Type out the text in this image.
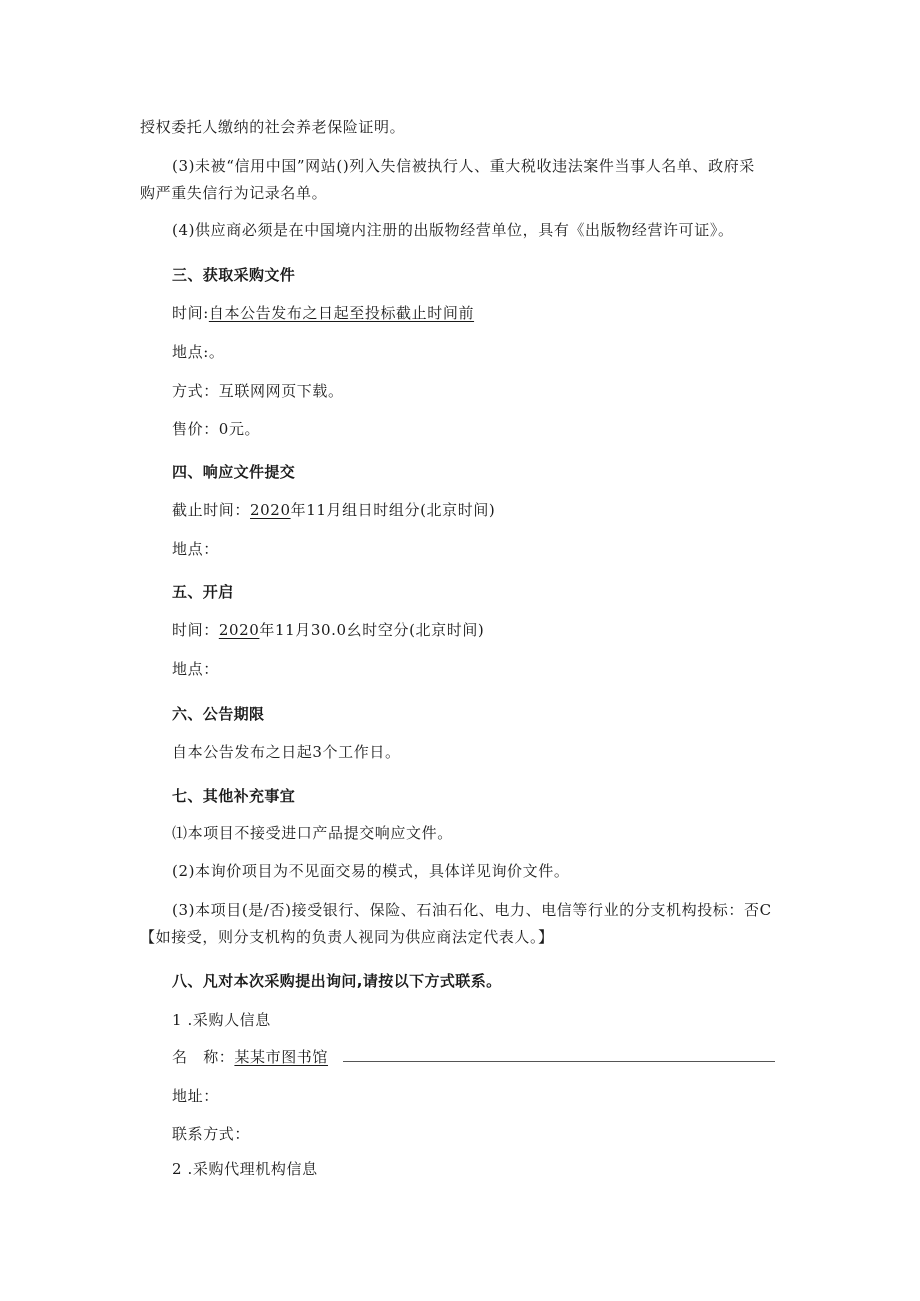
授权委托人缴纳的社会养老保险证明。
(3)未被“信用中国”网站()列入失信被执行人、重大税收违法案件当事人名单、政府采
购严重失信行为记录名单。
(4)供应商必须是在中国境内注册的出版物经营单位，具有《出版物经营许可证》。
三、获取采购文件
时间:自本公告发布之日起至投标截止时间前
地点:。
方式：互联网网页下载。
售价：0元。
四、响应文件提交
截止时间：2020年11月组日时组分(北京时间)
地点：
五、开启
时间：2020年11月30.0幺时空分(北京时间)
地点：
六、公告期限
自本公告发布之日起3个工作日。
七、其他补充事宜
⑴本项目不接受进口产品提交响应文件。
(2)本询价项目为不见面交易的模式，具体详见询价文件。
(3)本项目(是/否)接受银行、保险、石油石化、电力、电信等行业的分支机构投标：否C
【如接受，则分支机构的负责人视同为供应商法定代表人。】
八、凡对本次采购提出询问,请按以下方式联系。
1 .采购人信息
名　称：某某市图书馆
地址：
联系方式：
2 .采购代理机构信息
